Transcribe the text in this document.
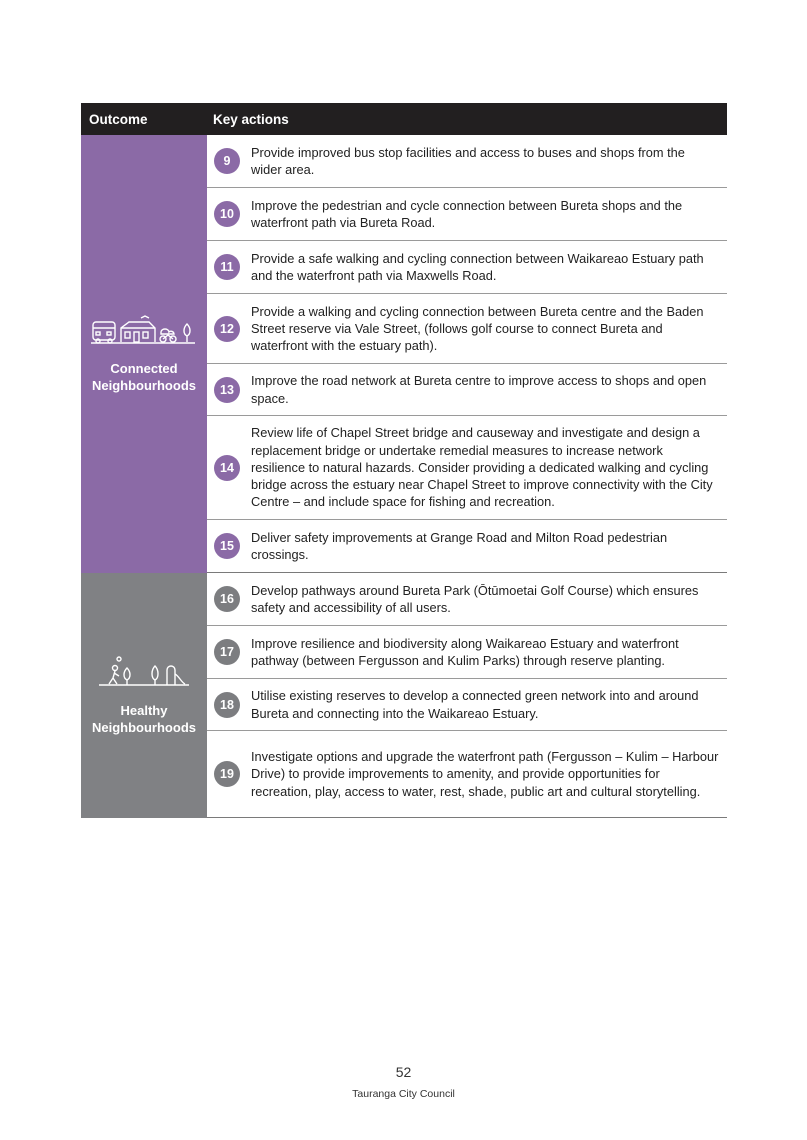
Outcome	Key actions
Connected
Neighbourhoods
9
Provide improved bus stop facilities and access to buses and shops from the wider area.
10
Improve the pedestrian and cycle connection between Bureta shops and the waterfront path via Bureta Road.
11
Provide a safe walking and cycling connection between Waikareao Estuary path and the waterfront path via Maxwells Road.
12
Provide a walking and cycling connection between Bureta centre and the Baden Street reserve via Vale Street, (follows golf course to connect Bureta and waterfront with the estuary path).
13
Improve the road network at Bureta centre to improve access to shops and open space.
14
Review life of Chapel Street bridge and causeway and investigate and design a replacement bridge or undertake remedial measures to increase network resilience to natural hazards. Consider providing a dedicated walking and cycling bridge across the estuary near Chapel Street to improve connectivity with the City Centre – and include space for fishing and recreation.
15
Deliver safety improvements at Grange Road and Milton Road pedestrian crossings.
Healthy
Neighbourhoods
16
Develop pathways around Bureta Park (Ōtūmoetai Golf Course) which ensures safety and accessibility of all users.
17
Improve resilience and biodiversity along Waikareao Estuary and waterfront pathway (between Fergusson and Kulim Parks) through reserve planting.
18
Utilise existing reserves to develop a connected green network into and around Bureta and connecting into the Waikareao Estuary.
19
Investigate options and upgrade the waterfront path (Fergusson – Kulim – Harbour Drive) to provide improvements to amenity, and provide opportunities for recreation, play, access to water, rest, shade, public art and cultural storytelling.
52
Tauranga City Council
